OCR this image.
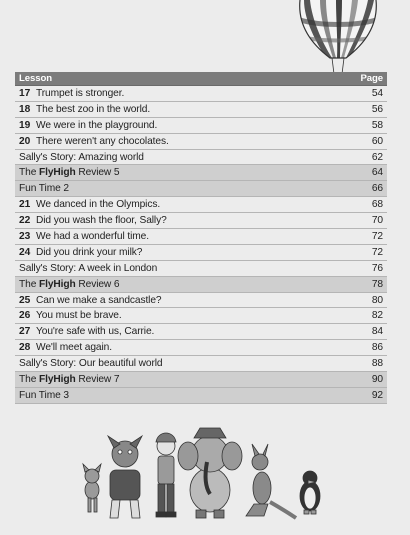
Lesson	Page
17 Trumpet is stronger.	54
18 The best zoo in the world.	56
19 We were in the playground.	58
20 There weren't any chocolates.	60
Sally's Story: Amazing world	62
The FlyHigh Review 5	64
Fun Time 2	66
21 We danced in the Olympics.	68
22 Did you wash the floor, Sally?	70
23 We had a wonderful time.	72
24 Did you drink your milk?	72
Sally's Story: A week in London	76
The FlyHigh Review 6	78
25 Can we make a sandcastle?	80
26 You must be brave.	82
27 You're safe with us, Carrie.	84
28 We'll meet again.	86
Sally's Story: Our beautiful world	88
The FlyHigh Review 7	90
Fun Time 3	92
